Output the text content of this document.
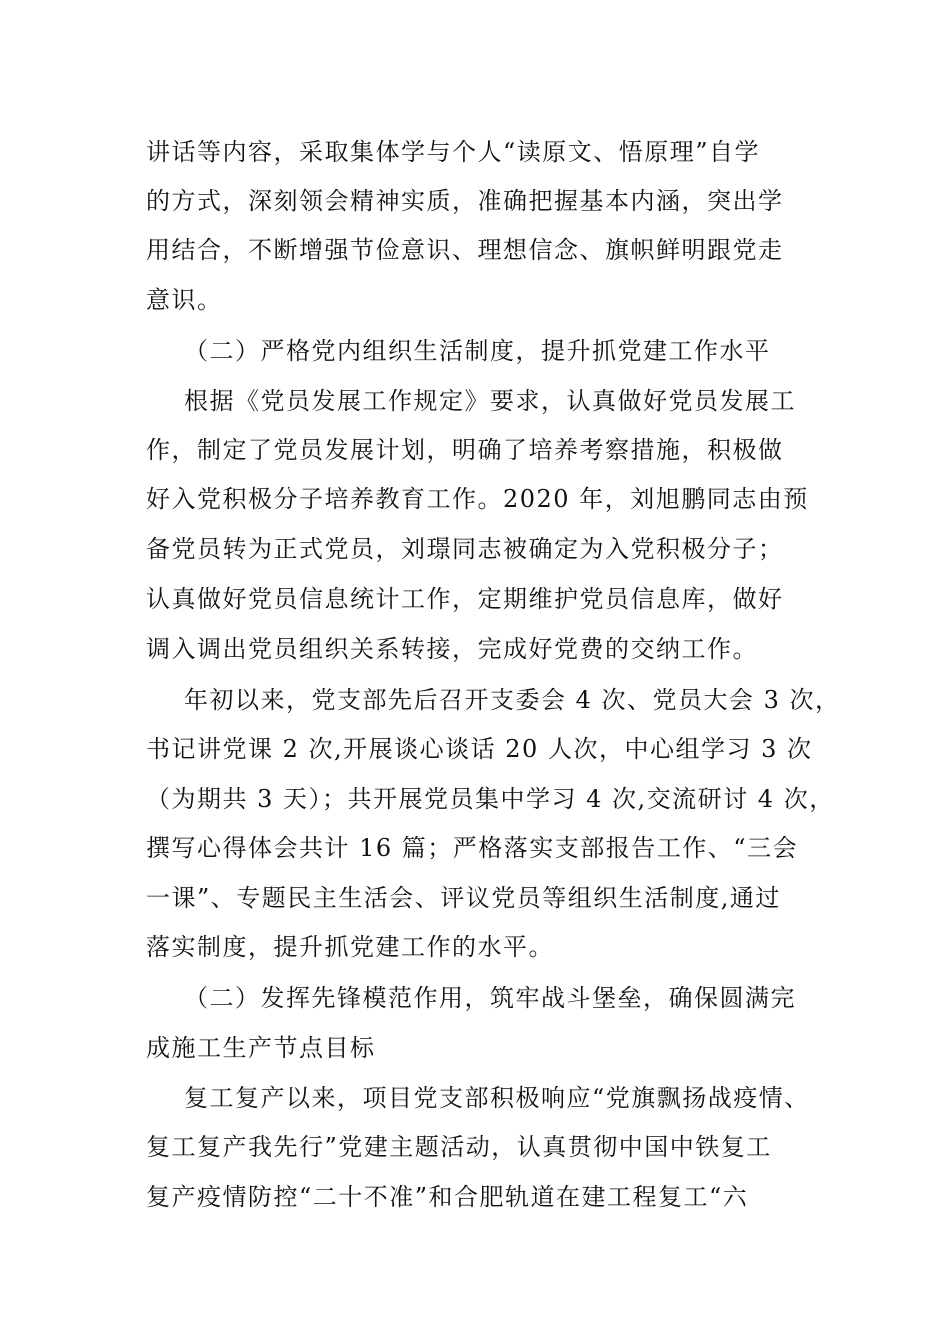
讲话等内容，采取集体学与个人“读原文、悟原理”自学
的方式，深刻领会精神实质，准确把握基本内涵，突出学
用结合，不断增强节俭意识、理想信念、旗帜鲜明跟党走
意识。
（二）严格党内组织生活制度，提升抓党建工作水平
根据《党员发展工作规定》要求，认真做好党员发展工
作，制定了党员发展计划，明确了培养考察措施，积极做
好入党积极分子培养教育工作。2020 年，刘旭鹏同志由预
备党员转为正式党员，刘璟同志被确定为入党积极分子；
认真做好党员信息统计工作，定期维护党员信息库，做好
调入调出党员组织关系转接，完成好党费的交纳工作。
年初以来，党支部先后召开支委会 4 次、党员大会 3 次，
书记讲党课 2 次,开展谈心谈话 20 人次，中心组学习 3 次
（为期共 3 天）；共开展党员集中学习 4 次,交流研讨 4 次，
撰写心得体会共计 16 篇；严格落实支部报告工作、“三会
一课”、专题民主生活会、评议党员等组织生活制度,通过
落实制度，提升抓党建工作的水平。
（二）发挥先锋模范作用，筑牢战斗堡垒，确保圆满完
成施工生产节点目标
复工复产以来，项目党支部积极响应“党旗飘扬战疫情、
复工复产我先行”党建主题活动，认真贯彻中国中铁复工
复产疫情防控“二十不准”和合肥轨道在建工程复工“六
